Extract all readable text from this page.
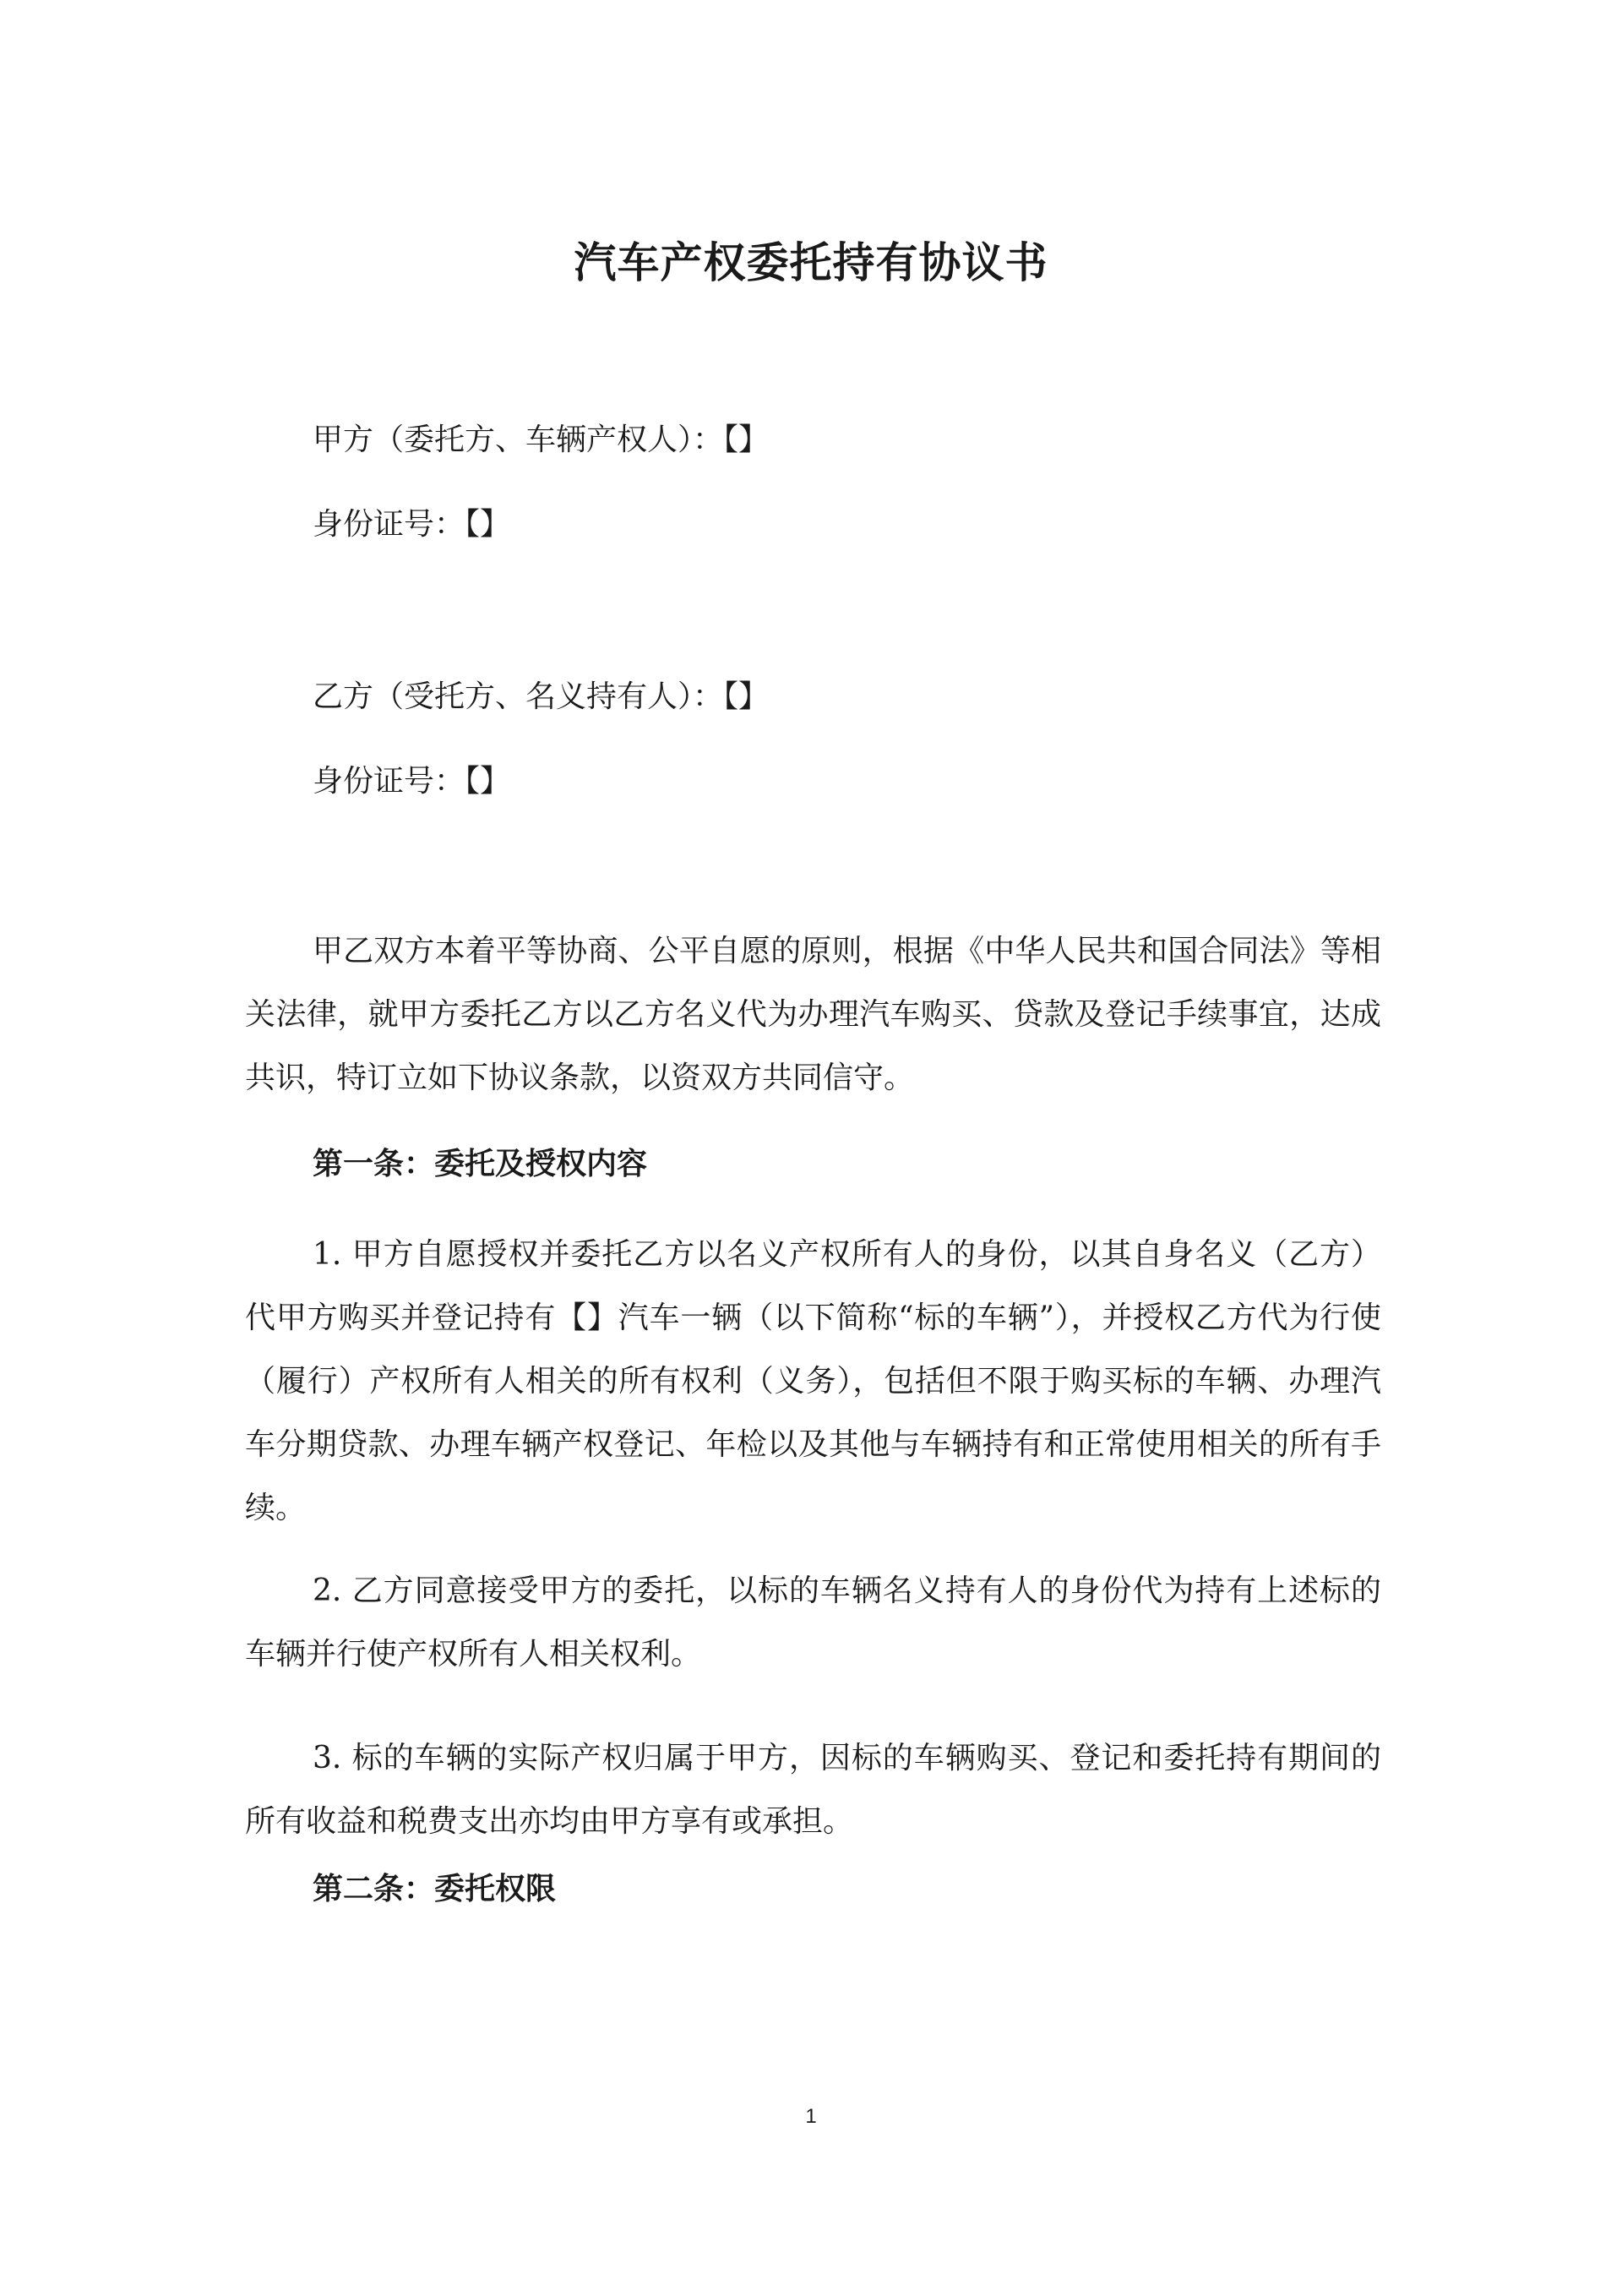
汽车产权委托持有协议书

甲方（委托方、车辆产权人）：【】

身份证号：【】

乙方（受托方、名义持有人）：【】

身份证号：【】

甲乙双方本着平等协商、公平自愿的原则，根据《中华人民共和国合同法》等相关法律，就甲方委托乙方以乙方名义代为办理汽车购买、贷款及登记手续事宜，达成共识，特订立如下协议条款，以资双方共同信守。

第一条：委托及授权内容

1. 甲方自愿授权并委托乙方以名义产权所有人的身份，以其自身名义（乙方）代甲方购买并登记持有【】汽车一辆（以下简称“标的车辆”），并授权乙方代为行使（履行）产权所有人相关的所有权利（义务），包括但不限于购买标的车辆、办理汽车分期贷款、办理车辆产权登记、年检以及其他与车辆持有和正常使用相关的所有手续。

2. 乙方同意接受甲方的委托，以标的车辆名义持有人的身份代为持有上述标的车辆并行使产权所有人相关权利。

3. 标的车辆的实际产权归属于甲方，因标的车辆购买、登记和委托持有期间的所有收益和税费支出亦均由甲方享有或承担。

第二条：委托权限

1
